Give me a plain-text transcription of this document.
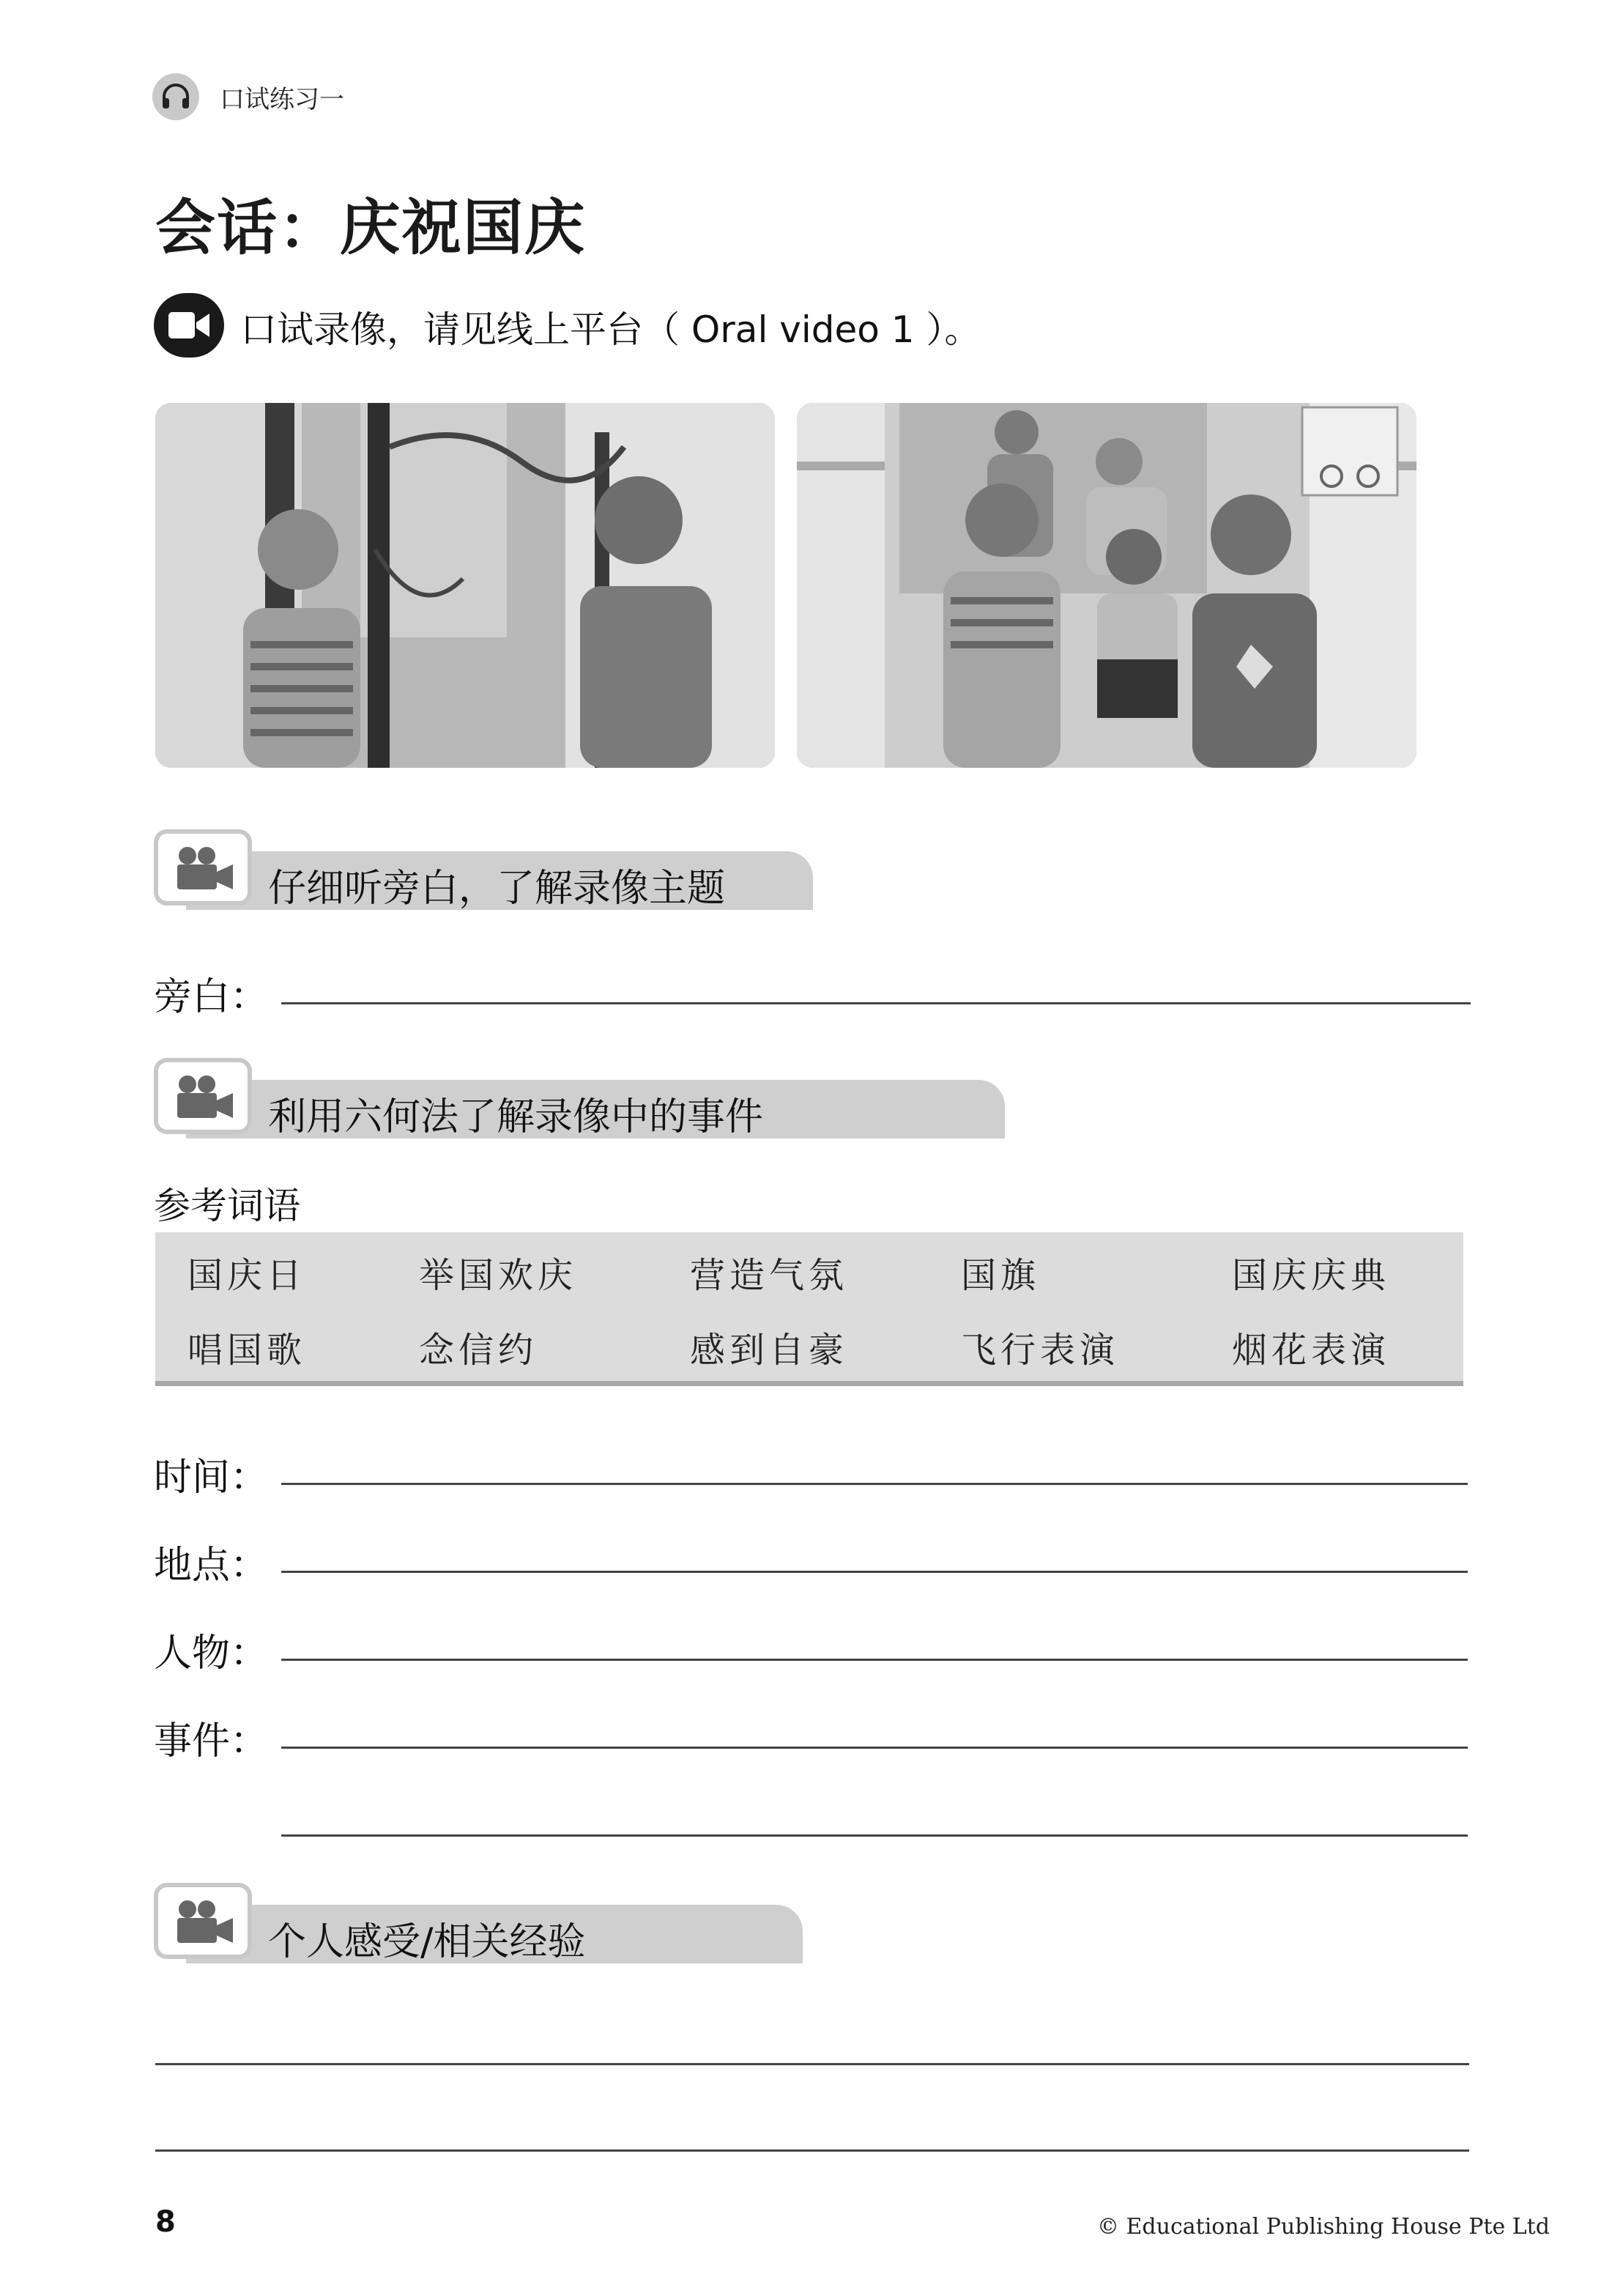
口试练习一
会话：庆祝国庆
口试录像，请见线上平台（ Oral video 1 ）。
仔细听旁白，了解录像主题
旁白：
利用六何法了解录像中的事件
参考词语
国庆日	举国欢庆	营造气氛	国旗	国庆庆典
唱国歌	念信约	感到自豪	飞行表演	烟花表演
时间：
地点：
人物：
事件：
个人感受/相关经验
8	© Educational Publishing House Pte Ltd
